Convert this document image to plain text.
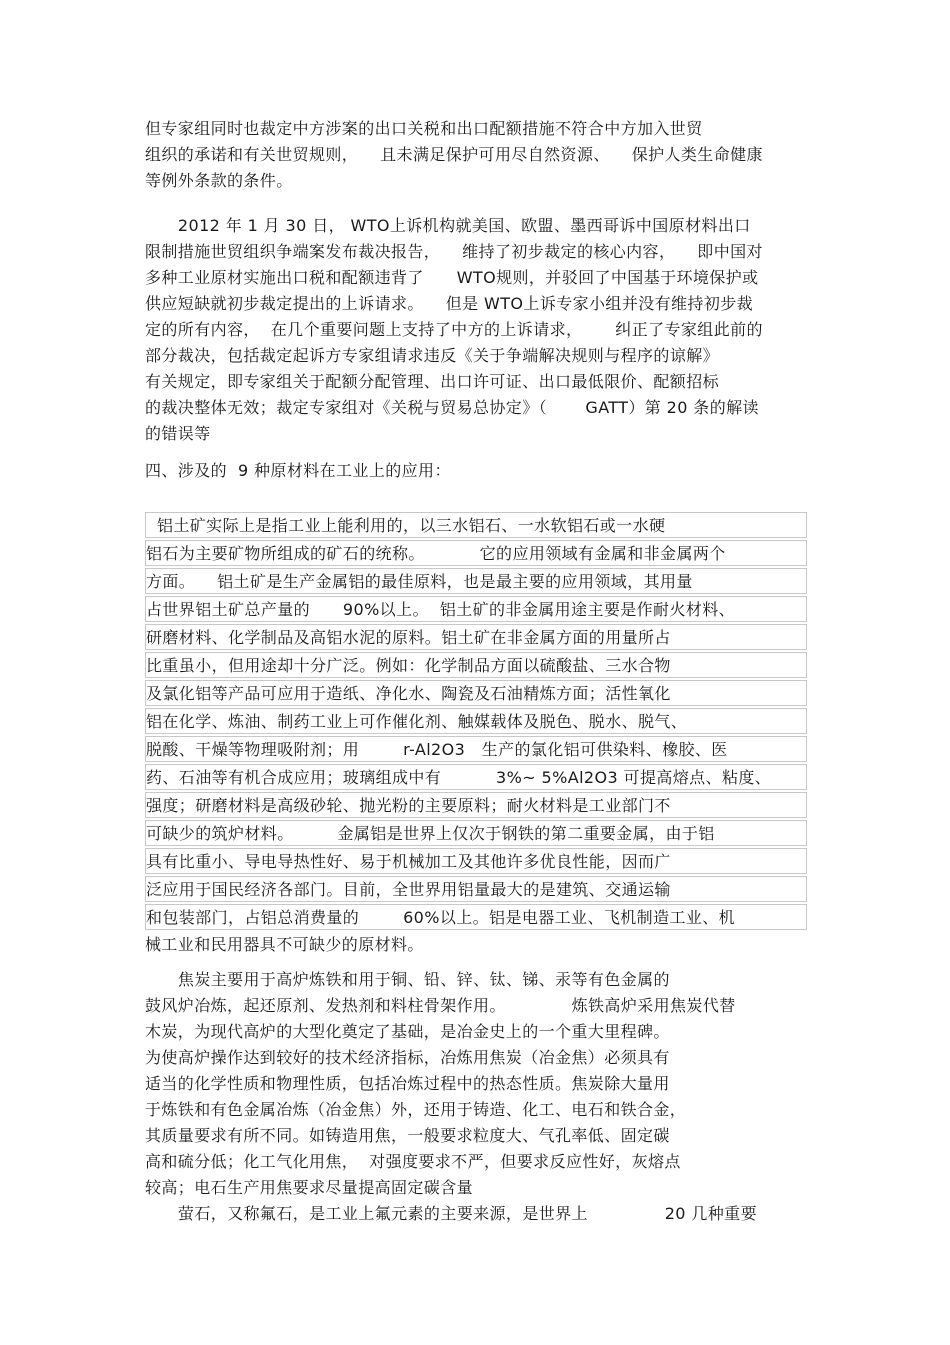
但专家组同时也裁定中方涉案的出口关税和出口配额措施不符合中方加入世贸
组织的承诺和有关世贸规则，    且未满足保护可用尽自然资源、    保护人类生命健康
等例外条款的条件。
2012 年 1 月 30 日， WTO上诉机构就美国、欧盟、墨西哥诉中国原材料出口
限制措施世贸组织争端案发布裁决报告，    维持了初步裁定的核心内容，    即中国对
多种工业原材实施出口税和配额违背了      WTO规则，并驳回了中国基于环境保护或
供应短缺就初步裁定提出的上诉请求。    但是 WTO上诉专家小组并没有维持初步裁
定的所有内容，  在几个重要问题上支持了中方的上诉请求，      纠正了专家组此前的
部分裁决，包括裁定起诉方专家组请求违反《关于争端解决规则与程序的谅解》
有关规定，即专家组关于配额分配管理、出口许可证、出口最低限价、配额招标
的裁决整体无效；裁定专家组对《关税与贸易总协定》（       GATT）第 20 条的解读
的错误等
四、涉及的  9 种原材料在工业上的应用：
铝土矿实际上是指工业上能利用的，以三水铝石、一水软铝石或一水硬
铝石为主要矿物所组成的矿石的统称。          它的应用领域有金属和非金属两个
方面。    铝土矿是生产金属铝的最佳原料，也是最主要的应用领域，其用量
占世界铝土矿总产量的      90%以上。  铝土矿的非金属用途主要是作耐火材料、
研磨材料、化学制品及高铝水泥的原料。铝土矿在非金属方面的用量所占
比重虽小，但用途却十分广泛。例如：化学制品方面以硫酸盐、三水合物
及氯化铝等产品可应用于造纸、净化水、陶瓷及石油精炼方面；活性氧化
铝在化学、炼油、制药工业上可作催化剂、触媒载体及脱色、脱水、脱气、
脱酸、干燥等物理吸附剂；用        r-Al2O3   生产的氯化铝可供染料、橡胶、医
药、石油等有机合成应用；玻璃组成中有          3%~ 5%Al2O3 可提高熔点、粘度、
强度；研磨材料是高级砂轮、抛光粉的主要原料；耐火材料是工业部门不
可缺少的筑炉材料。        金属铝是世界上仅次于钢铁的第二重要金属，由于铝
具有比重小、导电导热性好、易于机械加工及其他许多优良性能，因而广
泛应用于国民经济各部门。目前，全世界用铝量最大的是建筑、交通运输
和包装部门，占铝总消费量的        60%以上。铝是电器工业、飞机制造工业、机
械工业和民用器具不可缺少的原材料。
焦炭主要用于高炉炼铁和用于铜、铅、锌、钛、锑、汞等有色金属的
鼓风炉冶炼，起还原剂、发热剂和料柱骨架作用。            炼铁高炉采用焦炭代替
木炭，为现代高炉的大型化奠定了基础，是冶金史上的一个重大里程碑。
为使高炉操作达到较好的技术经济指标，冶炼用焦炭（冶金焦）必须具有
适当的化学性质和物理性质，包括冶炼过程中的热态性质。焦炭除大量用
于炼铁和有色金属冶炼（冶金焦）外，还用于铸造、化工、电石和铁合金，
其质量要求有所不同。如铸造用焦，一般要求粒度大、气孔率低、固定碳
高和硫分低；化工气化用焦，  对强度要求不严，但要求反应性好，灰熔点
较高；电石生产用焦要求尽量提高固定碳含量
萤石，又称氟石，是工业上氟元素的主要来源，是世界上              20 几种重要
